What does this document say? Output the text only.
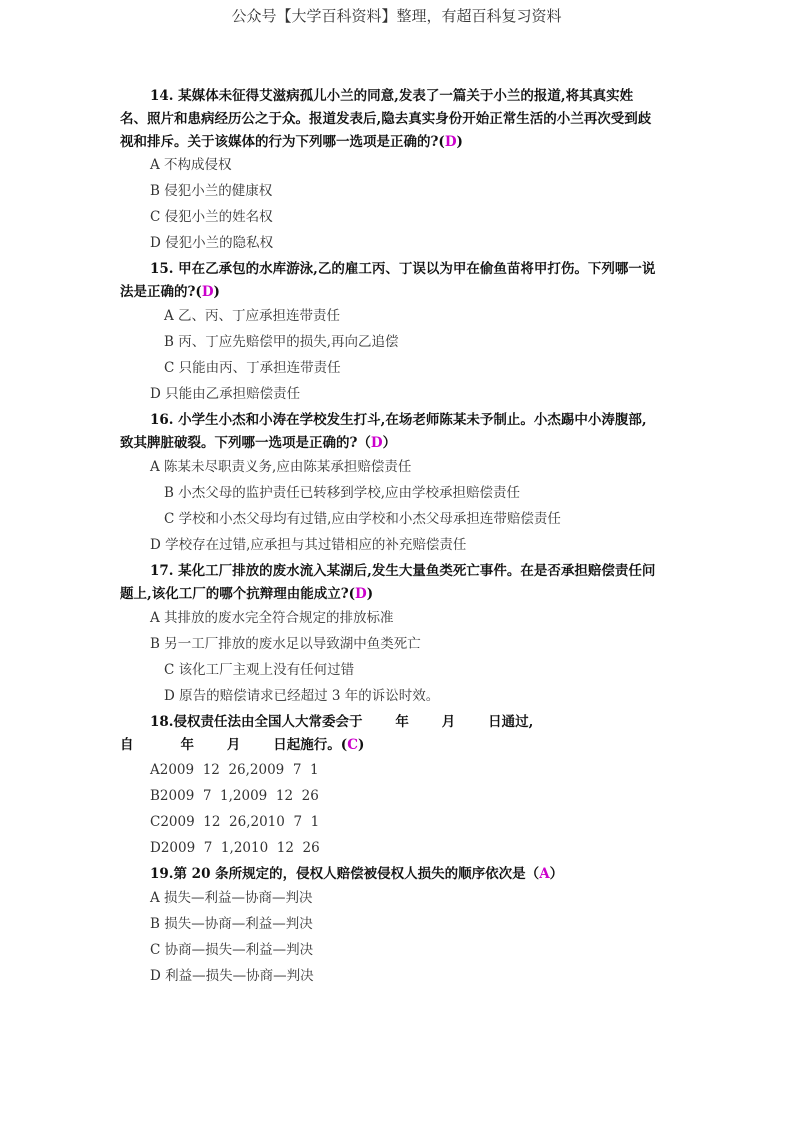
公众号【大学百科资料】整理，有超百科复习资料
14. 某媒体未征得艾滋病孤儿小兰的同意,发表了一篇关于小兰的报道,将其真实姓
名、照片和患病经历公之于众。报道发表后,隐去真实身份开始正常生活的小兰再次受到歧
视和排斥。关于该媒体的行为下列哪一选项是正确的?(D)
A 不构成侵权
B 侵犯小兰的健康权
C 侵犯小兰的姓名权
D 侵犯小兰的隐私权
15. 甲在乙承包的水库游泳,乙的雇工丙、丁误以为甲在偷鱼苗将甲打伤。下列哪一说
法是正确的?(D)
A 乙、丙、丁应承担连带责任
B 丙、丁应先赔偿甲的损失,再向乙追偿
C 只能由丙、丁承担连带责任
D 只能由乙承担赔偿责任
16. 小学生小杰和小涛在学校发生打斗,在场老师陈某未予制止。小杰踢中小涛腹部,
致其脾脏破裂。下列哪一选项是正确的?（D）
A 陈某未尽职责义务,应由陈某承担赔偿责任
B 小杰父母的监护责任已转移到学校,应由学校承担赔偿责任
C 学校和小杰父母均有过错,应由学校和小杰父母承担连带赔偿责任
D 学校存在过错,应承担与其过错相应的补充赔偿责任
17. 某化工厂排放的废水流入某湖后,发生大量鱼类死亡事件。在是否承担赔偿责任问
题上,该化工厂的哪个抗辩理由能成立?(D)
A 其排放的废水完全符合规定的排放标准
B 另一工厂排放的废水足以导致湖中鱼类死亡
C 该化工厂主观上没有任何过错
D 原告的赔偿请求已经超过 3 年的诉讼时效。
18.侵权责任法由全国人大常委会于       年       月       日通过,
自          年       月       日起施行。(C)
A2009  12  26,2009  7  1
B2009  7  1,2009  12  26
C2009  12  26,2010  7  1
D2009  7  1,2010  12  26
19.第 20 条所规定的，侵权人赔偿被侵权人损失的顺序依次是（A）
A 损失—利益—协商—判决
B 损失—协商—利益—判决
C 协商—损失—利益—判决
D 利益—损失—协商—判决
